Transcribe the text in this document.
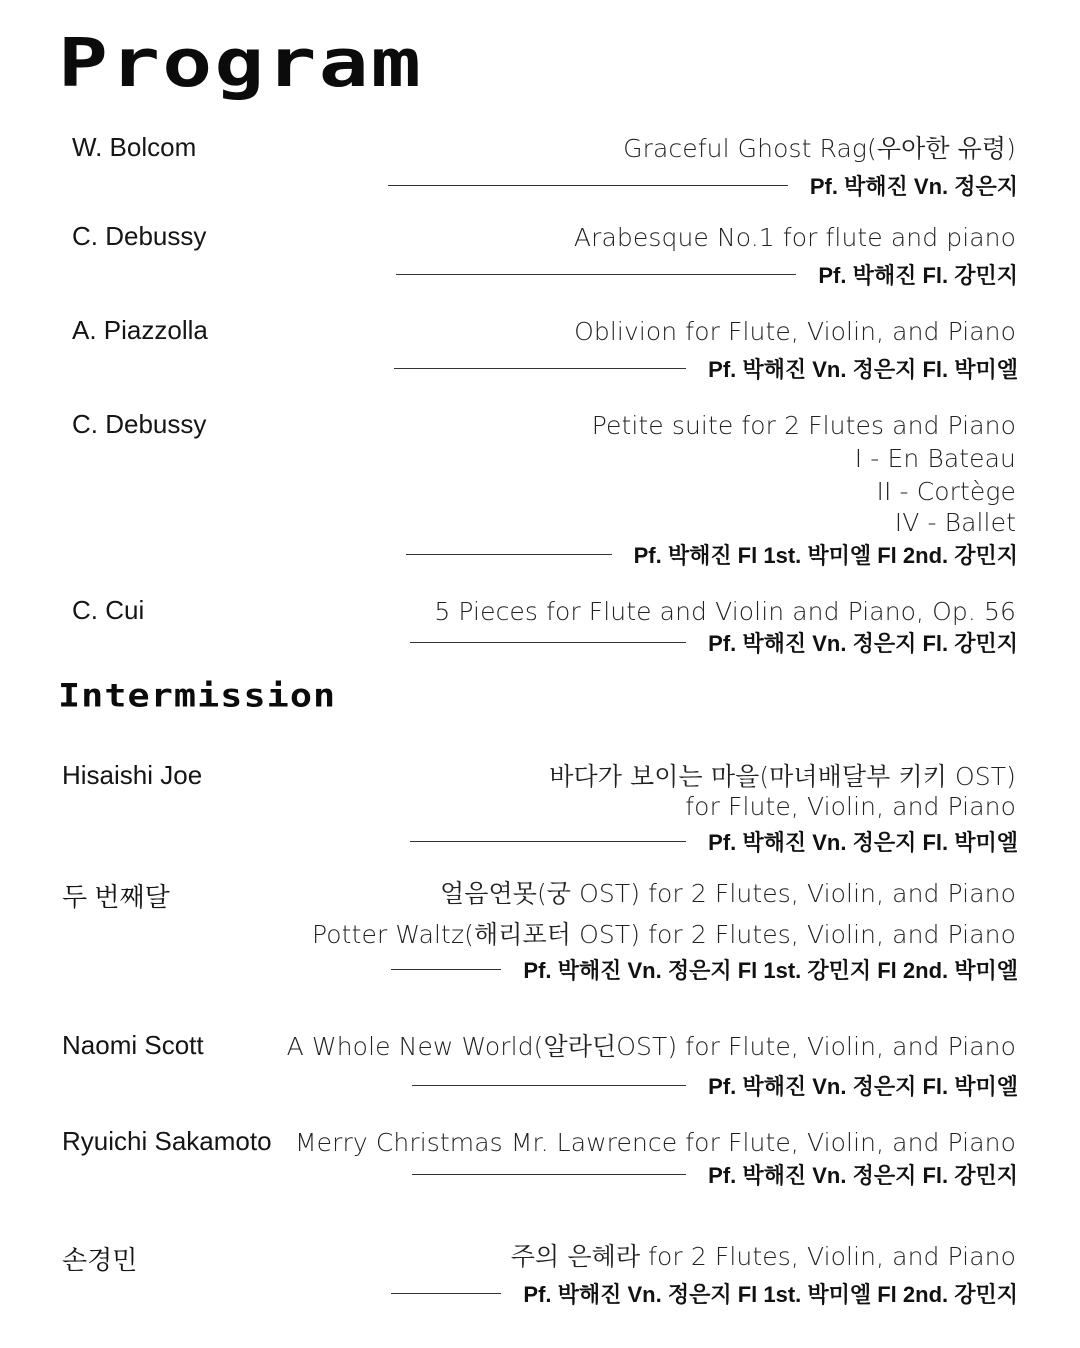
Program
Intermission
W. Bolcom	Graceful Ghost Rag(우아한 유령)
Pf. 박해진 Vn. 정은지
C. Debussy	Arabesque No.1 for flute and piano
Pf. 박해진 Fl. 강민지
A. Piazzolla	Oblivion for Flute, Violin, and Piano
Pf. 박해진 Vn. 정은지 Fl. 박미엘
C. Debussy	Petite suite for 2 Flutes and Piano
I - En Bateau
II - Cortège
IV - Ballet
Pf. 박해진 Fl 1st. 박미엘 Fl 2nd. 강민지
C. Cui	5 Pieces for Flute and Violin and Piano, Op. 56
Pf. 박해진 Vn. 정은지 Fl. 강민지
Hisaishi Joe	바다가 보이는 마을(마녀배달부 키키 OST)
for Flute, Violin, and Piano
Pf. 박해진 Vn. 정은지 Fl. 박미엘
두 번째달	얼음연못(궁 OST) for 2 Flutes, Violin, and Piano
Potter Waltz(해리포터 OST) for 2 Flutes, Violin, and Piano
Pf. 박해진 Vn. 정은지 Fl 1st. 강민지 Fl 2nd. 박미엘
Naomi Scott	A Whole New World(알라딘OST) for Flute, Violin, and Piano
Pf. 박해진 Vn. 정은지 Fl. 박미엘
Ryuichi Sakamoto Merry Christmas Mr. Lawrence for Flute, Violin, and Piano
Pf. 박해진 Vn. 정은지 Fl. 강민지
손경민	주의 은혜라 for 2 Flutes, Violin, and Piano
Pf. 박해진 Vn. 정은지 Fl 1st. 박미엘 Fl 2nd. 강민지
